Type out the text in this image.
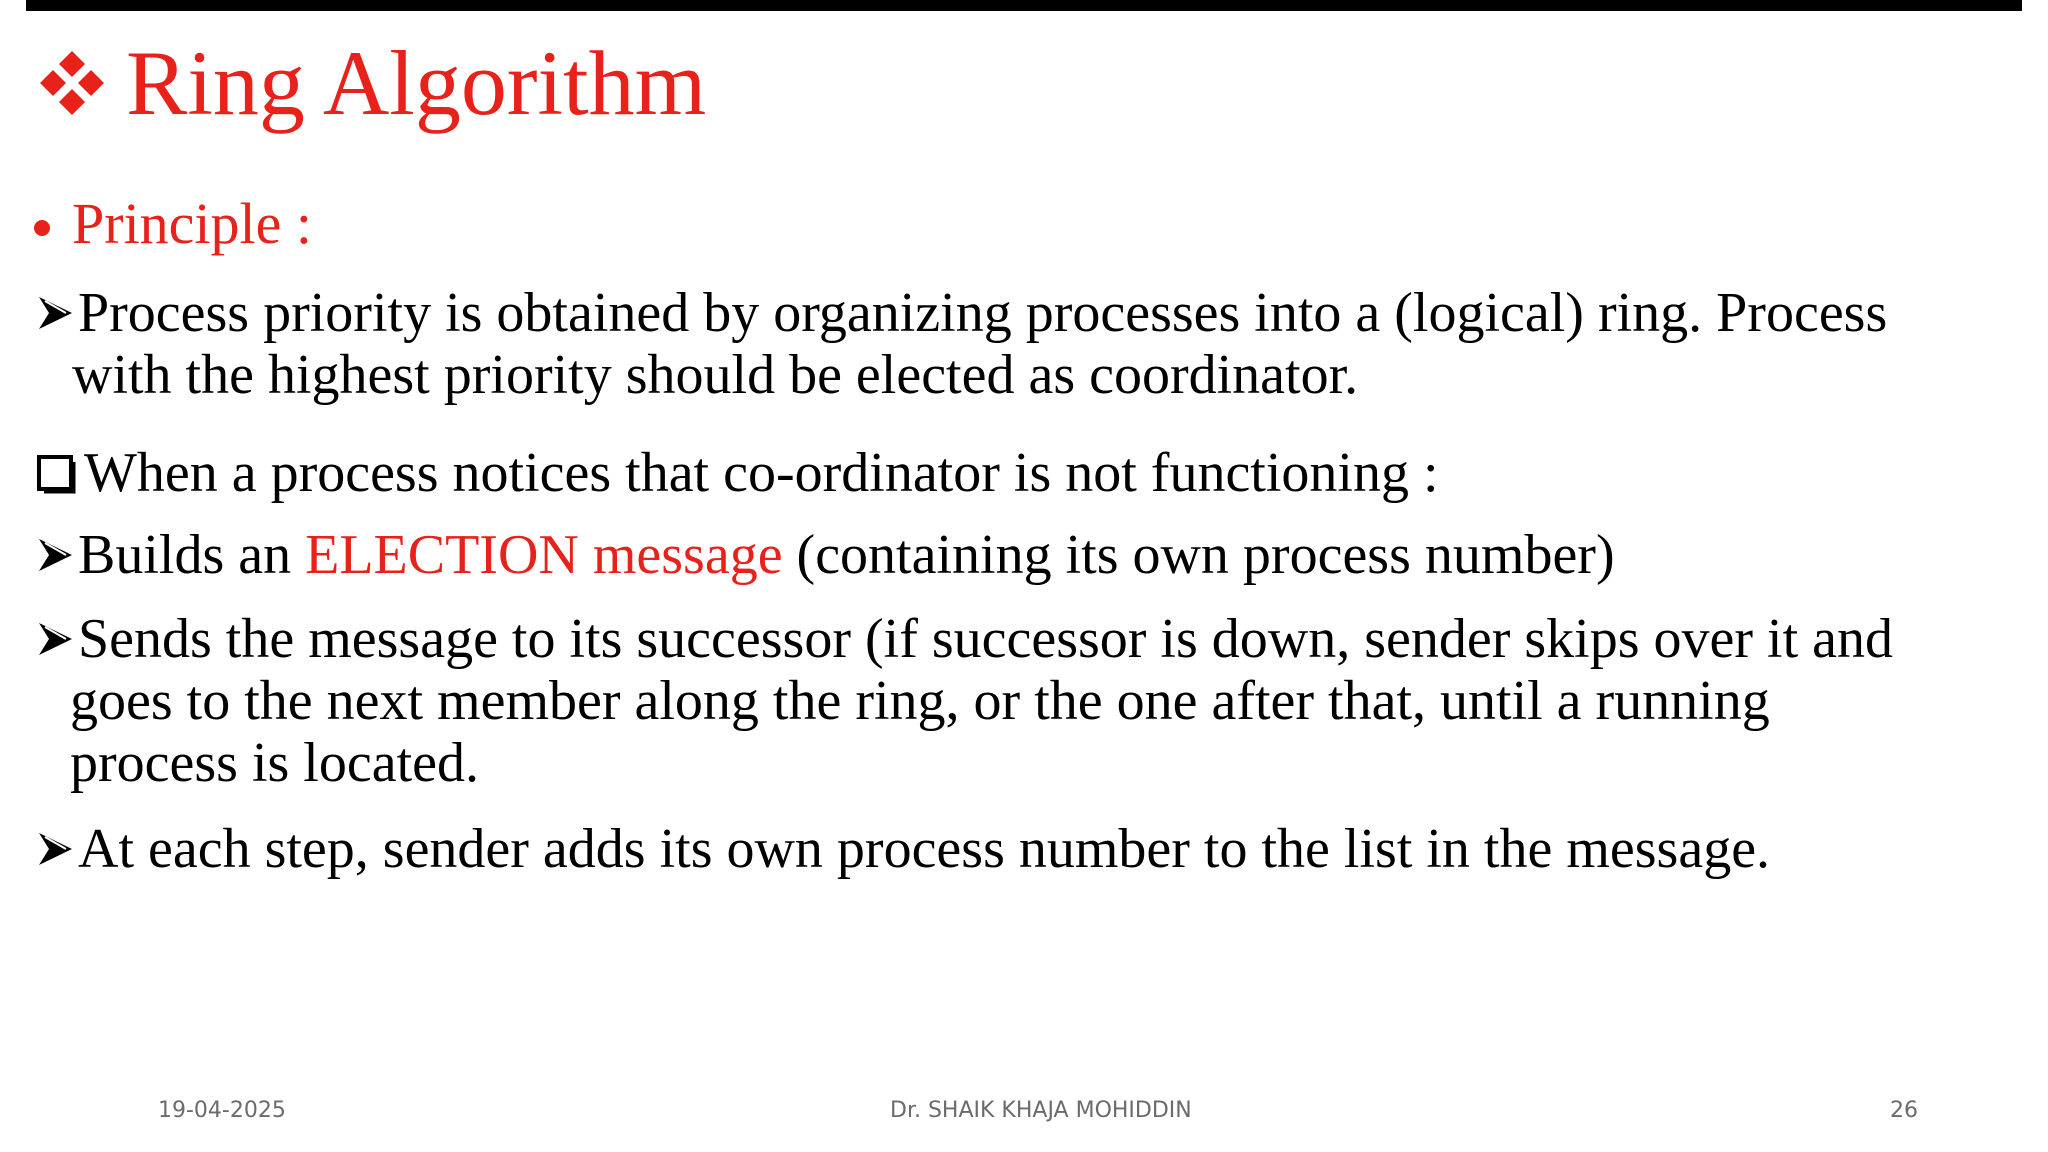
Ring Algorithm
Principle :
Process priority is obtained by organizing processes into a (logical) ring. Process
with the highest priority should be elected as coordinator.
When a process notices that co-ordinator is not functioning :
Builds an ELECTION message (containing its own process number)
Sends the message to its successor (if successor is down, sender skips over it and
goes to the next member along the ring, or the one after that, until a running
process is located.
At each step, sender adds its own process number to the list in the message.
19-04-2025	Dr. SHAIK KHAJA MOHIDDIN	26
